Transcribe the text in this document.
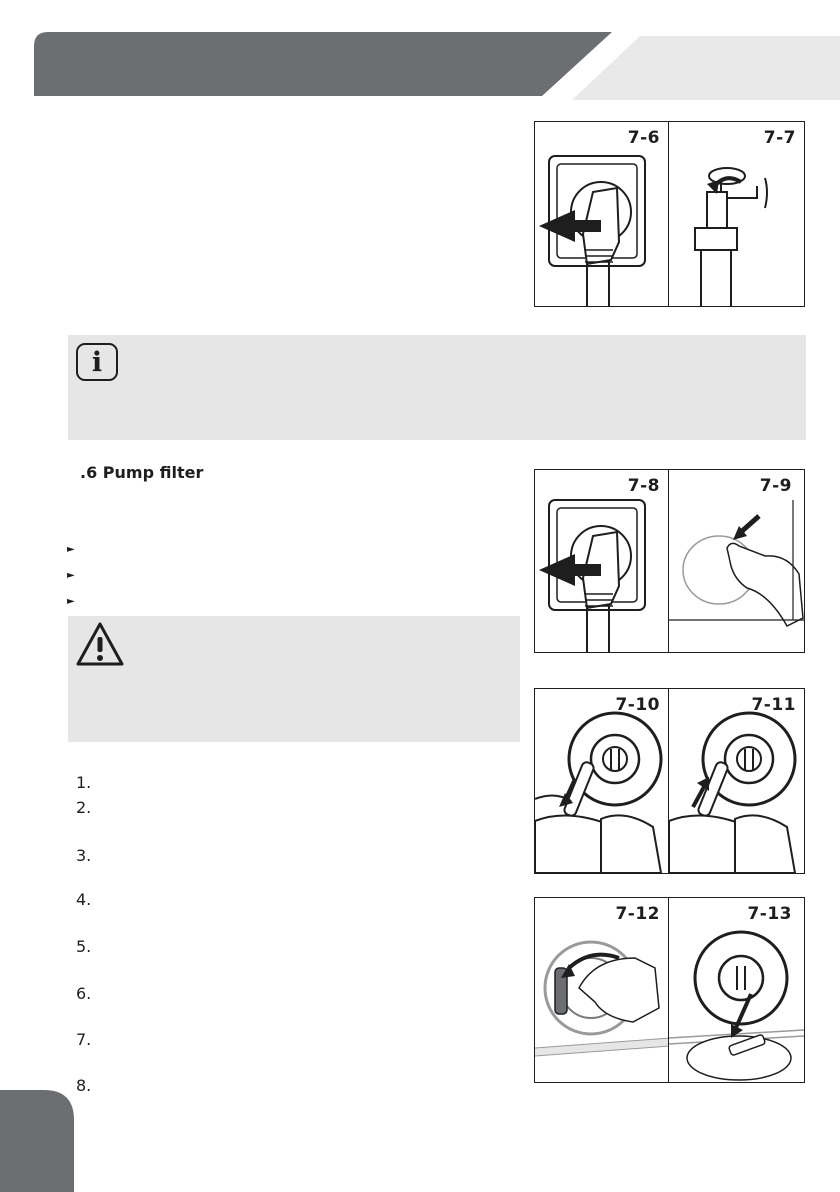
7-6	7-7
i
.6 Pump filter
►
►
►
7-8	7-9
7-10	7-11
7-12	7-13
1.
2.
3.
4.
5.
6.
7.
8.
